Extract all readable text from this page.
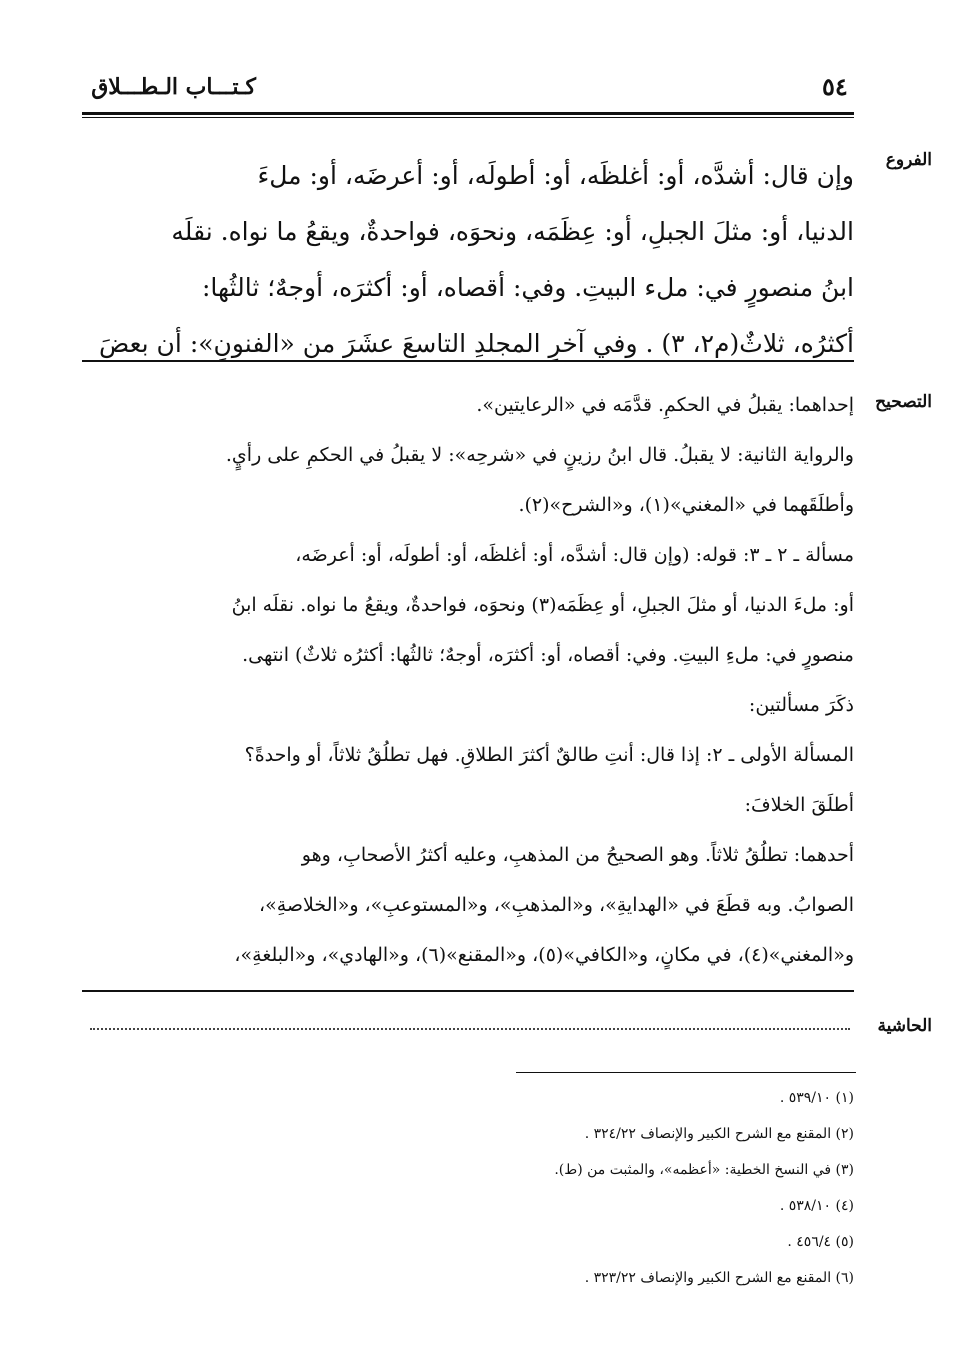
كـتـــاب الـطـــلاق	٥٤
الفروع
وإن قال: أشدَّه، أو: أغلظَه، أو: أطولَه، أو: أعرضَه، أو: ملءَ
الدنيا، أو: مثلَ الجبلِ، أو: عِظَمَه، ونحوَه، فواحدةٌ، ويقعُ ما نواه. نقلَه
ابنُ منصورٍ في: ملء البيتِ. وفي: أقصاه، أو: أكثرَه، أوجهٌ؛ ثالثُها:
أكثرُه، ثلاثٌ(م٢، ٣) . وفي آخرِ المجلدِ التاسعَ عشَرَ من «الفنونِ»: أن بعضَ
التصحيح
إحداهما: يقبلُ في الحكمِ. قدَّمَه في «الرعايتين».
والرواية الثانية: لا يقبلُ. قال ابنُ رزينٍ في «شرحِه»: لا يقبلُ في الحكمِ على رأيٍ.
وأطلَقَهما في «المغني»(١)، و«الشرح»(٢).
مسألة ـ ٢ ـ ٣: قوله: (وإن قال: أشدَّه، أو: أغلظَه، أو: أطولَه، أو: أعرضَه،
أو: ملءَ الدنيا، أو مثلَ الجبلِ، أو عِظَمَه(٣) ونحوَه، فواحدةٌ، ويقعُ ما نواه. نقلَه ابنُ
منصورٍ في: ملءِ البيتِ. وفي: أقصاه، أو: أكثرَه، أوجهٌ؛ ثالثُها: أكثرُه ثلاثٌ) انتهى.
ذكَرَ مسألتين:
المسألة الأولى ـ ٢: إذا قال: أنتِ طالقٌ أكثرَ الطلاقِ. فهل تطلُقُ ثلاثاً، أو واحدةً؟
أطلَقَ الخلافَ:
أحدهما: تطلُقُ ثلاثاً. وهو الصحيحُ من المذهبِ، وعليه أكثرُ الأصحابِ، وهو
الصوابُ. وبه قطَعَ في «الهدايةِ»، و«المذهبِ»، و«المستوعبِ»، و«الخلاصةِ»،
و«المغني»(٤)، في مكانٍ، و«الكافي»(٥)، و«المقنع»(٦)، و«الهادي»، و«البلغةِ»،
الحاشية
(١) ٥٣٩/١٠ .
(٢) المقنع مع الشرح الكبير والإنصاف ٣٢٤/٢٢ .
(٣) في النسخ الخطية: «أعظمه»، والمثبت من (ط).
(٤) ٥٣٨/١٠ .
(٥) ٤٥٦/٤ .
(٦) المقنع مع الشرح الكبير والإنصاف ٣٢٣/٢٢ .
